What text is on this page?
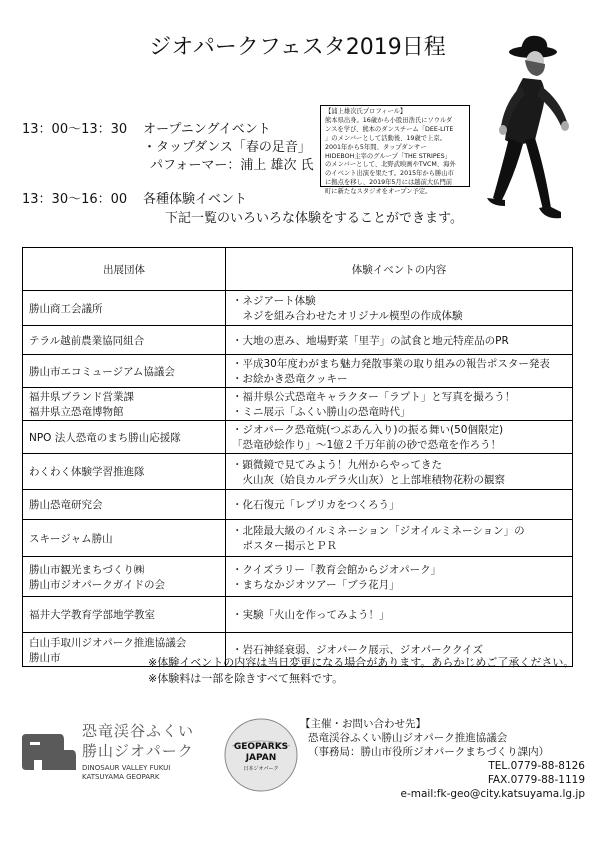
ジオパークフェスタ2019日程
13：00〜13：30 オープニングイベント
・タップダンス「春の足音」
パフォーマー：浦上 雄次 氏
13：30〜16：00 各種体験イベント
下記一覧のいろいろな体験をすることができます。
【浦上雄次氏プロフィール】
熊本県出身。16歳から小股田浩氏にソウルダ
ンスを学び、熊本のダンスチーム「DEE-LITE
」のメンバーとして活動後、19歳で上京。
2001年から5年間、タップダンサー
HIDEBOH主宰のグループ「THE STRIPES」
のメンバーとして、北野武映画やTVCM、海外
のイベント出演を果たす。2015年から勝山市
に拠点を移し、2019年5月には越前大仏門前
町に新たなスタジオをオープン予定。
出展団体	体験イベントの内容

勝山商工会議所	・ネジアート体験
　ネジを組み合わせたオリジナル模型の作成体験

テラル越前農業協同組合	・大地の恵み、地場野菜「里芋」の試食と地元特産品のPR

勝山市エコミュージアム協議会	・平成30年度わがまち魅力発散事業の取り組みの報告ポスター発表
・お絵かき恐竜クッキー

福井県ブランド営業課
福井県立恐竜博物館	・福井県公式恐竜キャラクター「ラプト」と写真を撮ろう！
・ミニ展示「ふくい勝山の恐竜時代」

NPO 法人恐竜のまち勝山応援隊	・ジオパーク恐竜焼(つぶあん入り)の振る舞い(50個限定)
「恐竜砂絵作り」〜1億２千万年前の砂で恐竜を作ろう！

わくわく体験学習推進隊	・顕微鏡で見てみよう！九州からやってきた
　火山灰（姶良カルデラ火山灰）と上部堆積物花粉の観察

勝山恐竜研究会	・化石復元「レプリカをつくろう」

スキージャム勝山	・北陸最大級のイルミネーション「ジオイルミネーション」の
　ポスター掲示とＰＲ

勝山市観光まちづくり㈱
勝山市ジオパークガイドの会	・クイズラリー「教育会館からジオパーク」
・まちなかジオツアー「ブラ花月」

福井大学教育学部地学教室	・実験「火山を作ってみよう！」

白山手取川ジオパーク推進協議会
勝山市	・岩石神経衰弱、ジオパーク展示、ジオパーククイズ
※体験イベントの内容は当日変更になる場合があります。あらかじめご了承ください。
※体験料は一部を除きすべて無料です。
恐竜渓谷ふくい
勝山ジオパーク
DINOSAUR VALLEY FUKUI
KATSUYAMA GEOPARK
GEOPARKS
JAPAN
日本ジオパーク
【主催・お問い合わせ先】
恐竜渓谷ふくい勝山ジオパーク推進協議会
（事務局：勝山市役所ジオパークまちづくり課内）
TEL.0779-88-8126
FAX.0779-88-1119
e-mail:fk-geo@city.katsuyama.lg.jp
